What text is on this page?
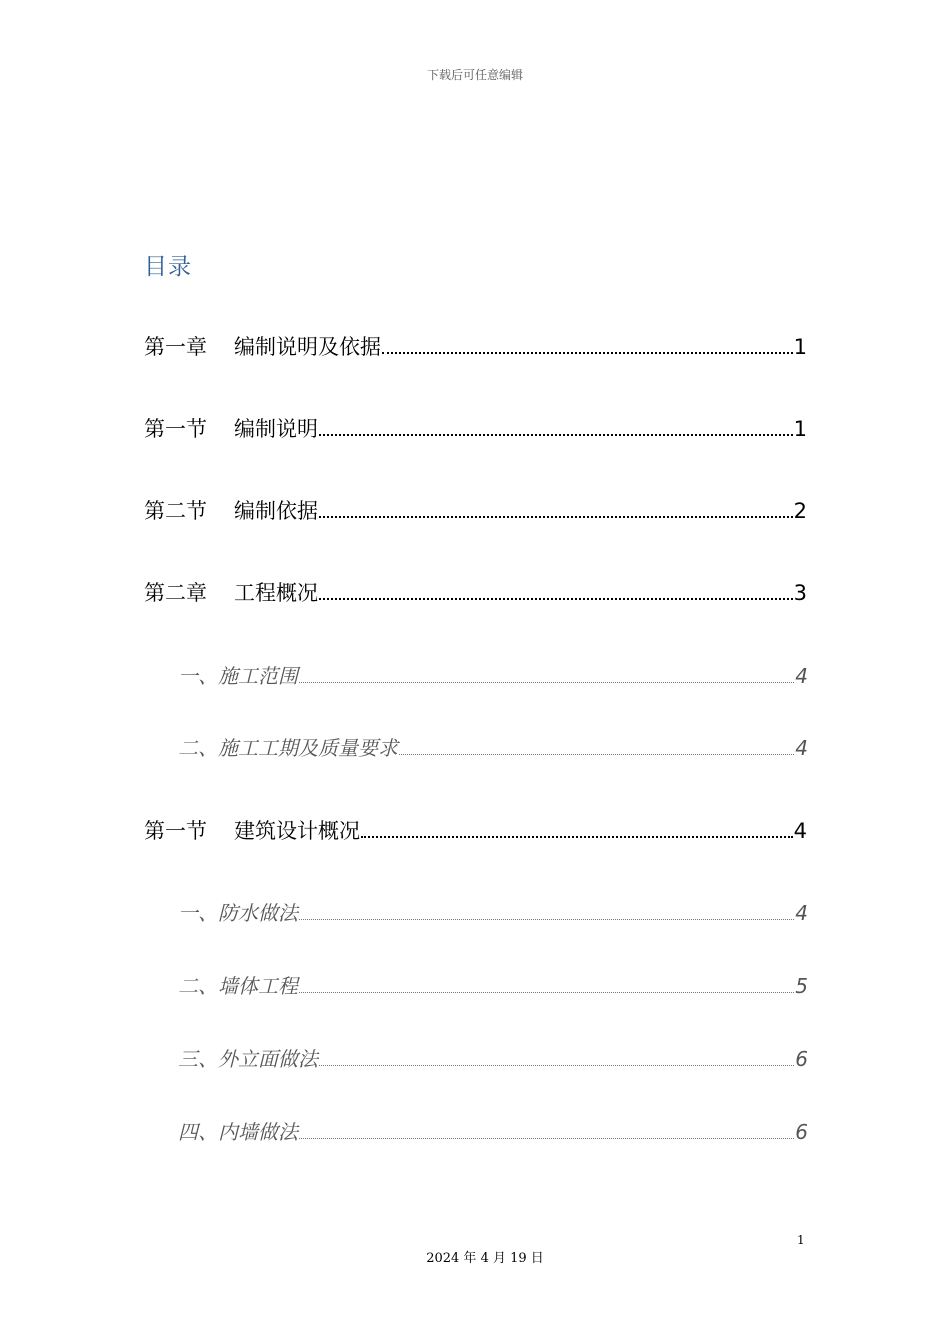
下载后可任意编辑
目录
第一章	编制说明及依据	1
第一节	编制说明	1
第二节	编制依据	2
第二章	工程概况	3
一、 施工范围	4
二、 施工工期及质量要求	4
第一节	建筑设计概况	4
一、 防水做法	4
二、 墙体工程	5
三、 外立面做法	6
四、 内墙做法	6
1
2024 年 4 月 19 日
